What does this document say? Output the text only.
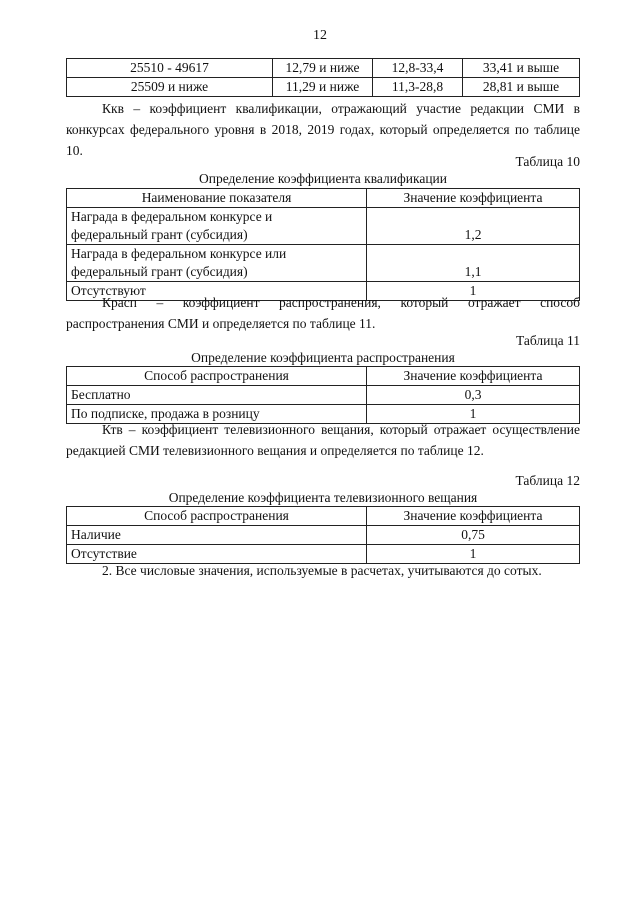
12
25510 - 49617	12,79 и ниже	12,8-33,4	33,41 и выше
25509 и ниже	11,29 и ниже	11,3-28,8	28,81 и выше
Ккв – коэффициент квалификации, отражающий участие редакции СМИ в конкурсах федерального уровня в 2018, 2019 годах, который определяется по таблице 10.
Таблица 10
Определение коэффициента квалификации
Наименование показателя	Значение коэффициента
Награда в федеральном конкурсе и
федеральный грант (субсидия)	1,2
Награда в федеральном конкурсе или
федеральный грант (субсидия)	1,1
Отсутствуют	1
Красп – коэффициент распространения, который отражает способ распространения СМИ и определяется по таблице 11.
Таблица 11
Определение коэффициента распространения
Способ распространения	Значение коэффициента
Бесплатно	0,3
По подписке, продажа в розницу	1
Ктв – коэффициент телевизионного вещания, который отражает осуществление редакцией СМИ телевизионного вещания и определяется по таблице 12.
Таблица 12
Определение коэффициента телевизионного вещания
Способ распространения	Значение коэффициента
Наличие	0,75
Отсутствие	1
2. Все числовые значения, используемые в расчетах, учитываются до сотых.
